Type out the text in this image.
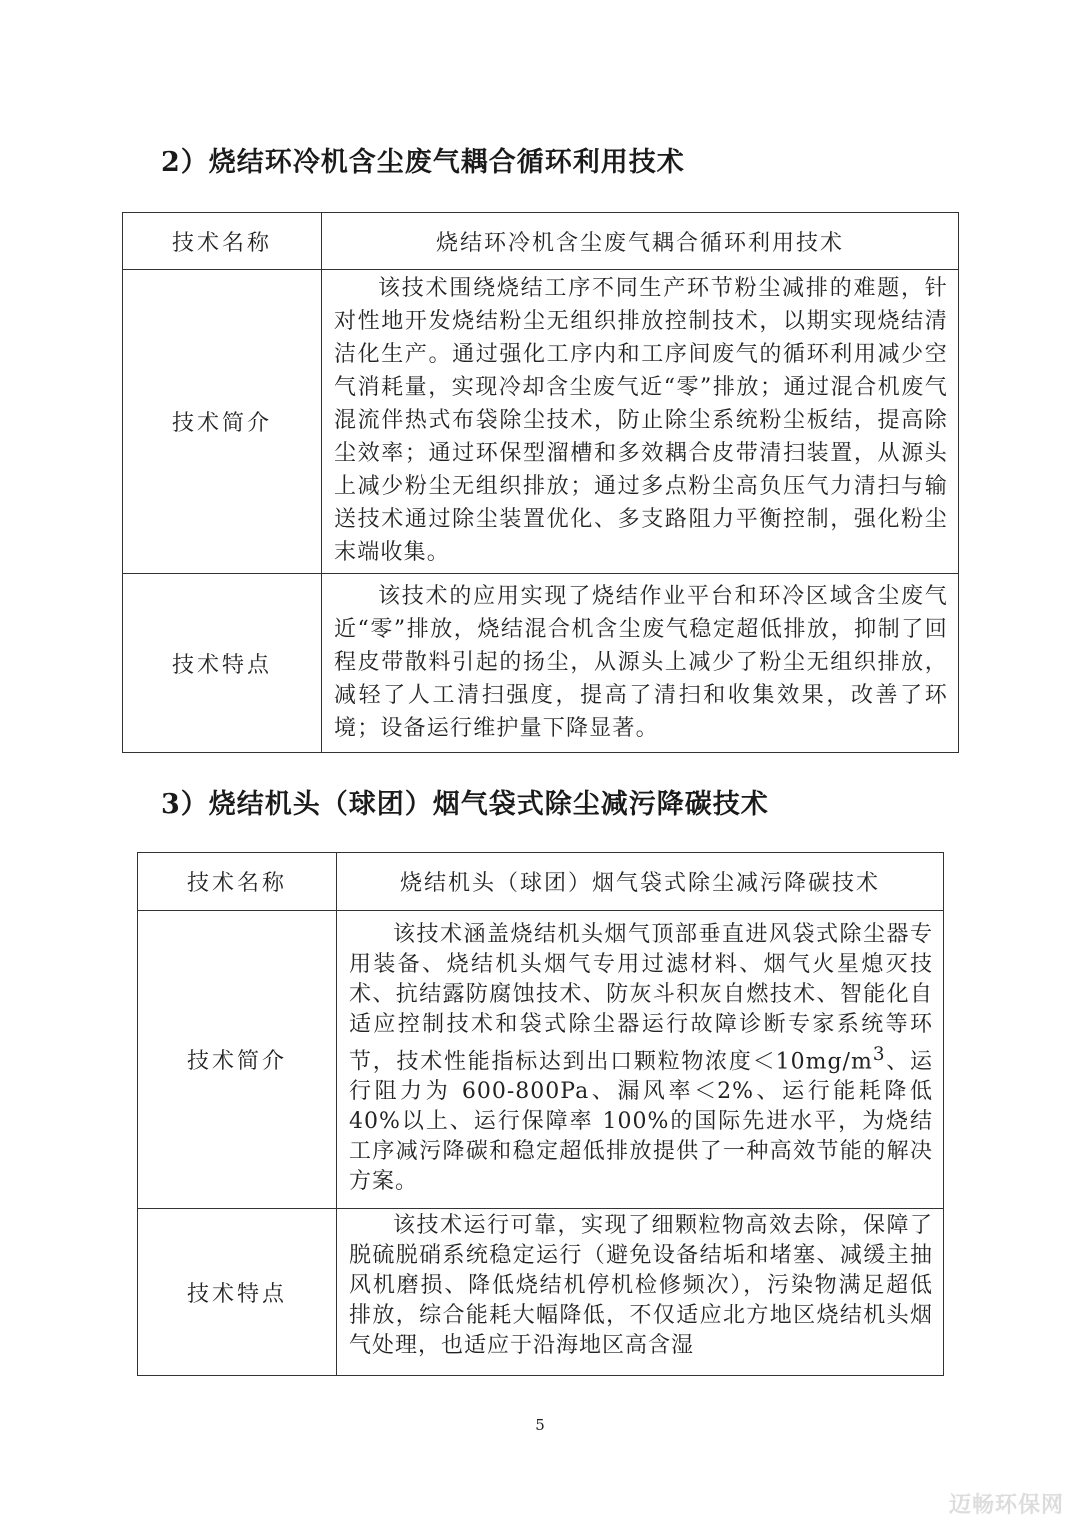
2）烧结环冷机含尘废气耦合循环利用技术
技术名称	烧结环冷机含尘废气耦合循环利用技术
技术简介	该技术围绕烧结工序不同生产环节粉尘减排的难题，针对性地开发烧结粉尘无组织排放控制技术，以期实现烧结清洁化生产。通过强化工序内和工序间废气的循环利用减少空气消耗量，实现冷却含尘废气近“零”排放；通过混合机废气混流伴热式布袋除尘技术，防止除尘系统粉尘板结，提高除尘效率；通过环保型溜槽和多效耦合皮带清扫装置，从源头上减少粉尘无组织排放；通过多点粉尘高负压气力清扫与输送技术通过除尘装置优化、多支路阻力平衡控制，强化粉尘末端收集。

技术特点	该技术的应用实现了烧结作业平台和环冷区域含尘废气近“零”排放，烧结混合机含尘废气稳定超低排放，抑制了回程皮带散料引起的扬尘，从源头上减少了粉尘无组织排放，减轻了人工清扫强度，提高了清扫和收集效果，改善了环境；设备运行维护量下降显著。

3）烧结机头（球团）烟气袋式除尘减污降碳技术
技术名称	烧结机头（球团）烟气袋式除尘减污降碳技术
技术简介	该技术涵盖烧结机头烟气顶部垂直进风袋式除尘器专用装备、烧结机头烟气专用过滤材料、烟气火星熄灭技术、抗结露防腐蚀技术、防灰斗积灰自燃技术、智能化自适应控制技术和袋式除尘器运行故障诊断专家系统等环节，技术性能指标达到出口颗粒物浓度$<10mg/m^3$、运行阻力为 600-800Pa、漏风率＜2%、运行能耗降低 40%以上、运行保障率 100%的国际先进水平，为烧结工序减污降碳和稳定超低排放提供了一种高效节能的解决方案。

技术特点	该技术运行可靠，实现了细颗粒物高效去除，保障了脱硫脱硝系统稳定运行（避免设备结垢和堵塞、减缓主抽风机磨损、降低烧结机停机检修频次），污染物满足超低排放，综合能耗大幅降低，不仅适应北方地区烧结机头烟气处理，也适应于沿海地区高含湿

5
迈畅环保网
